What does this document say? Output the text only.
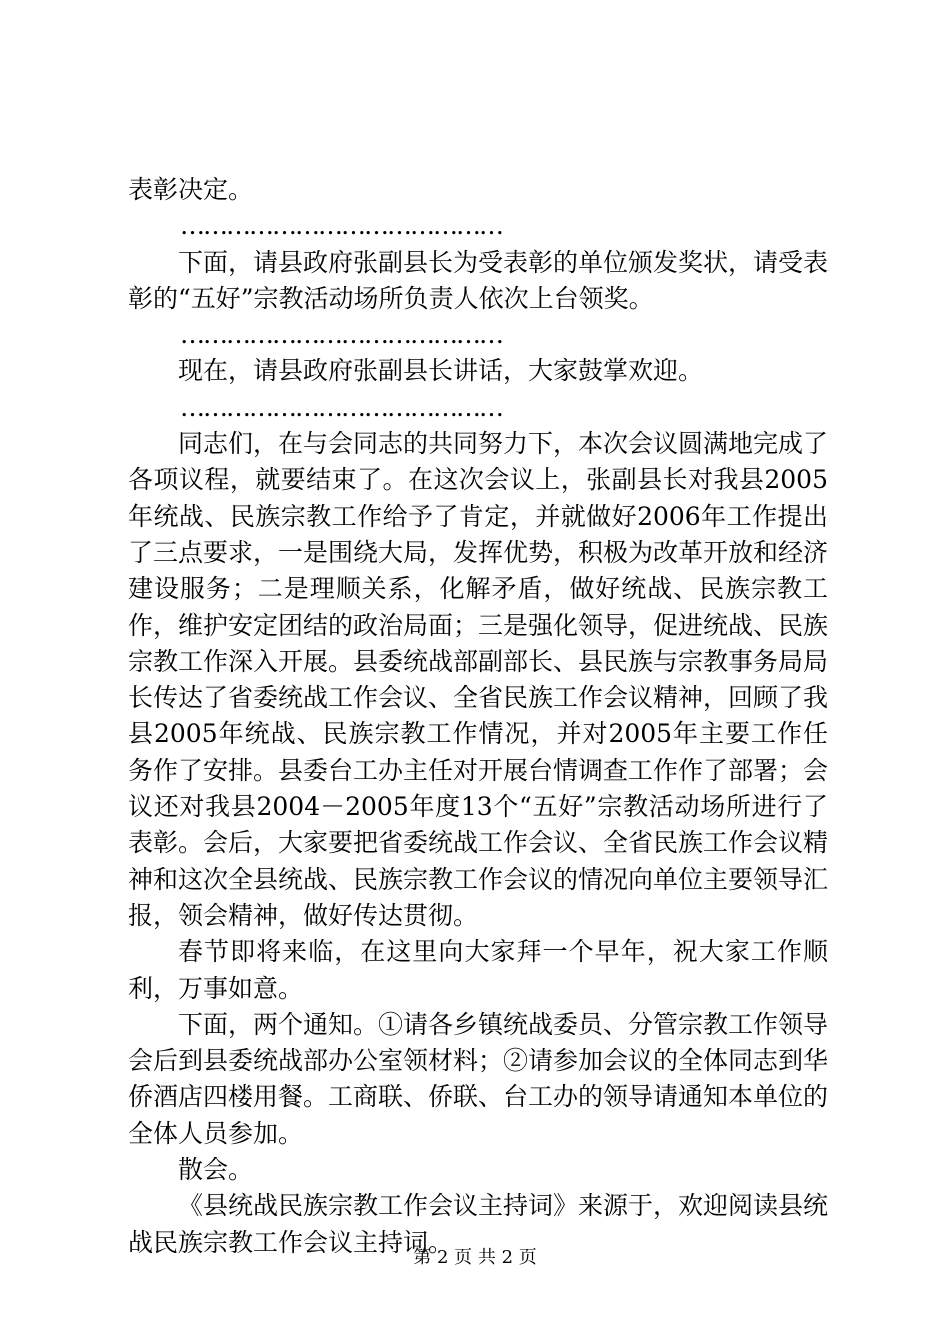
表彰决定。

……………………………………

下面，请县政府张副县长为受表彰的单位颁发奖状，请受表彰的“五好”宗教活动场所负责人依次上台领奖。

……………………………………

现在，请县政府张副县长讲话，大家鼓掌欢迎。

……………………………………

同志们，在与会同志的共同努力下，本次会议圆满地完成了各项议程，就要结束了。在这次会议上，张副县长对我县2005年统战、民族宗教工作给予了肯定，并就做好2006年工作提出了三点要求，一是围绕大局，发挥优势，积极为改革开放和经济建设服务；二是理顺关系，化解矛盾，做好统战、民族宗教工作，维护安定团结的政治局面；三是强化领导，促进统战、民族宗教工作深入开展。县委统战部副部长、县民族与宗教事务局局长传达了省委统战工作会议、全省民族工作会议精神，回顾了我县2005年统战、民族宗教工作情况，并对2005年主要工作任务作了安排。县委台工办主任对开展台情调查工作作了部署；会议还对我县2004－2005年度13个“五好”宗教活动场所进行了表彰。会后，大家要把省委统战工作会议、全省民族工作会议精神和这次全县统战、民族宗教工作会议的情况向单位主要领导汇报，领会精神，做好传达贯彻。

春节即将来临，在这里向大家拜一个早年，祝大家工作顺利，万事如意。

下面，两个通知。①请各乡镇统战委员、分管宗教工作领导会后到县委统战部办公室领材料；②请参加会议的全体同志到华侨酒店四楼用餐。工商联、侨联、台工办的领导请通知本单位的全体人员参加。

散会。

《县统战民族宗教工作会议主持词》来源于，欢迎阅读县统战民族宗教工作会议主持词。

第 2 页 共 2 页
